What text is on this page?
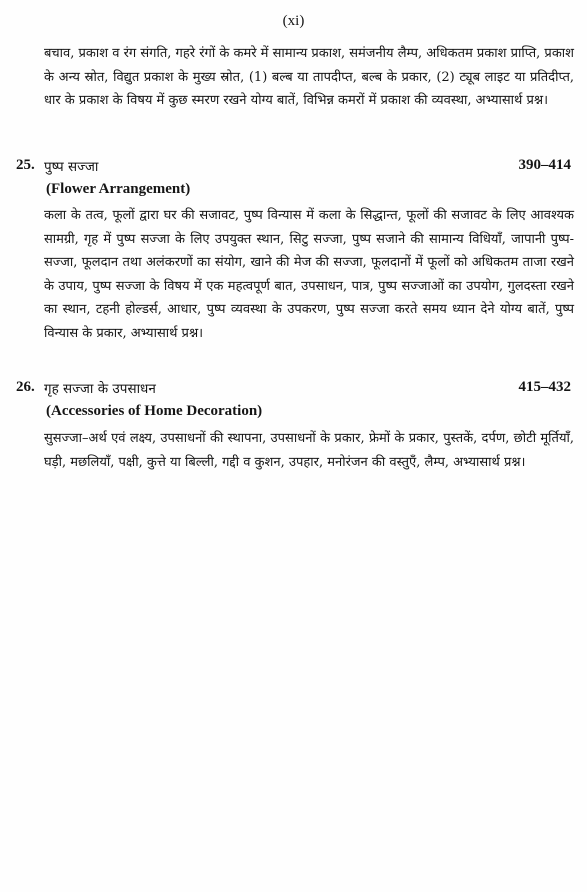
(xi)

बचाव, प्रकाश व रंग संगति, गहरे रंगों के कमरे में सामान्य प्रकाश, समंजनीय लैम्प, अधिकतम प्रकाश प्राप्ति, प्रकाश के अन्य स्रोत, विद्युत प्रकाश के मुख्य स्रोत, (1) बल्ब या तापदीप्त, बल्ब के प्रकार, (2) ट्यूब लाइट या प्रतिदीप्त, धार के प्रकाश के विषय में कुछ स्मरण रखने योग्य बातें, विभिन्न कमरों में प्रकाश की व्यवस्था, अभ्यासार्थ प्रश्न।

25. पुष्प सज्जा	390–414
(Flower Arrangement)

कला के तत्व, फूलों द्वारा घर की सजावट, पुष्प विन्यास में कला के सिद्धान्त, फूलों की सजावट के लिए आवश्यक सामग्री, गृह में पुष्प सज्जा के लिए उपयुक्त स्थान, सिटु सज्जा, पुष्प सजाने की सामान्य विधियाँ, जापानी पुष्प-सज्जा, फूलदान तथा अलंकरणों का संयोग, खाने की मेज की सज्जा, फूलदानों में फूलों को अधिकतम ताजा रखने के उपाय, पुष्प सज्जा के विषय में एक महत्वपूर्ण बात, उपसाधन, पात्र, पुष्प सज्जाओं का उपयोग, गुलदस्ता रखने का स्थान, टहनी होल्डर्स, आधार, पुष्प व्यवस्था के उपकरण, पुष्प सज्जा करते समय ध्यान देने योग्य बातें, पुष्प विन्यास के प्रकार, अभ्यासार्थ प्रश्न।

26. गृह सज्जा के उपसाधन	415–432
(Accessories of Home Decoration)

सुसज्जा–अर्थ एवं लक्ष्य, उपसाधनों की स्थापना, उपसाधनों के प्रकार, फ्रेमों के प्रकार, पुस्तकें, दर्पण, छोटी मूर्तियाँ, घड़ी, मछलियाँ, पक्षी, कुत्ते या बिल्ली, गद्दी व कुशन, उपहार, मनोरंजन की वस्तुएँ, लैम्प, अभ्यासार्थ प्रश्न।
